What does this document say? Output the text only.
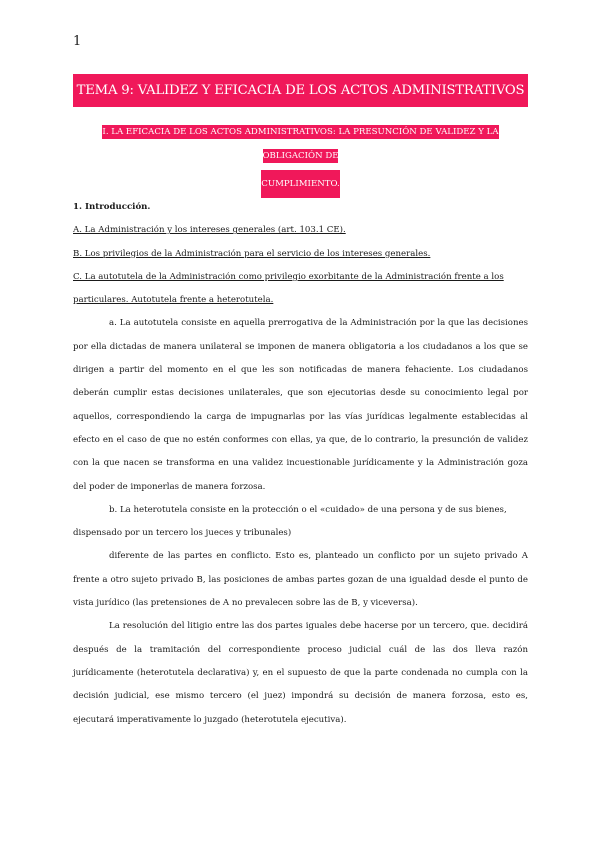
1
TEMA 9: VALIDEZ Y EFICACIA DE LOS ACTOS ADMINISTRATIVOS
I. LA EFICACIA DE LOS ACTOS ADMINISTRATIVOS: LA PRESUNCIÓN DE VALIDEZ Y LA OBLIGACIÓN DE
CUMPLIMIENTO.

1. Introducción.

A. La Administración y los intereses generales (art. 103.1 CE).

B. Los privilegios de la Administración para el servicio de los intereses generales.

C. La autotutela de la Administración como privilegio exorbitante de la Administración frente a los particulares. Autotutela frente a heterotutela.

a. La autotutela consiste en aquella prerrogativa de la Administración por la que las decisiones por ella dictadas de manera unilateral se imponen de manera obligatoria a los ciudadanos a los que se dirigen a partir del momento en el que les son notificadas de manera fehaciente. Los ciudadanos deberán cumplir estas decisiones unilaterales, que son ejecutorias desde su conocimiento legal por aquellos, correspondiendo la carga de impugnarlas por las vías jurídicas legalmente establecidas al efecto en el caso de que no estén conformes con ellas, ya que, de lo contrario, la presunción de validez con la que nacen se transforma en una validez incuestionable jurídicamente y la Administración goza del poder de imponerlas de manera forzosa.

b. La heterotutela consiste en la protección o el «cuidado» de una persona y de sus bienes, dispensado por un tercero los jueces y tribunales)

diferente de las partes en conflicto. Esto es, planteado un conflicto por un sujeto privado A frente a otro sujeto privado B, las posiciones de ambas partes gozan de una igualdad desde el punto de vista jurídico (las pretensiones de A no prevalecen sobre las de B, y viceversa).

La resolución del litigio entre las dos partes iguales debe hacerse por un tercero, que. decidirá después de la tramitación del correspondiente proceso judicial cuál de las dos lleva razón jurídicamente (heterotutela declarativa) y, en el supuesto de que la parte condenada no cumpla con la decisión judicial, ese mismo tercero (el juez) impondrá su decisión de manera forzosa, esto es, ejecutará imperativamente lo juzgado (heterotutela ejecutiva).
